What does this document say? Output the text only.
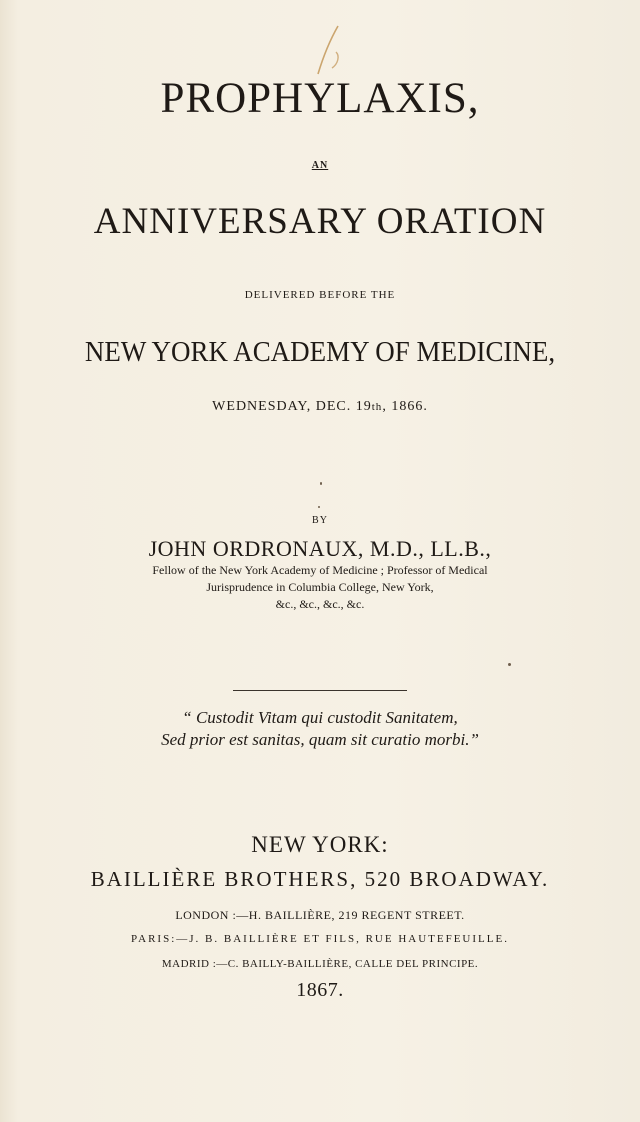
PROPHYLAXIS,
AN
ANNIVERSARY ORATION
DELIVERED BEFORE THE
NEW YORK ACADEMY OF MEDICINE,
WEDNESDAY, DEC. 19th, 1866.
BY
JOHN ORDRONAUX, M.D., LL.B.,
Fellow of the New York Academy of Medicine ; Professor of Medical
Jurisprudence in Columbia College, New York,
&c., &c., &c., &c.
“ Custodit Vitam qui custodit Sanitatem,
Sed prior est sanitas, quam sit curatio morbi.”
NEW YORK:
BAILLIÈRE BROTHERS, 520 BROADWAY.
LONDON :—H. BAILLIÈRE, 219 REGENT STREET.
PARIS:—J. B. BAILLIÈRE ET FILS, RUE HAUTEFEUILLE.
MADRID :—C. BAILLY-BAILLIÈRE, CALLE DEL PRINCIPE.
1867.
